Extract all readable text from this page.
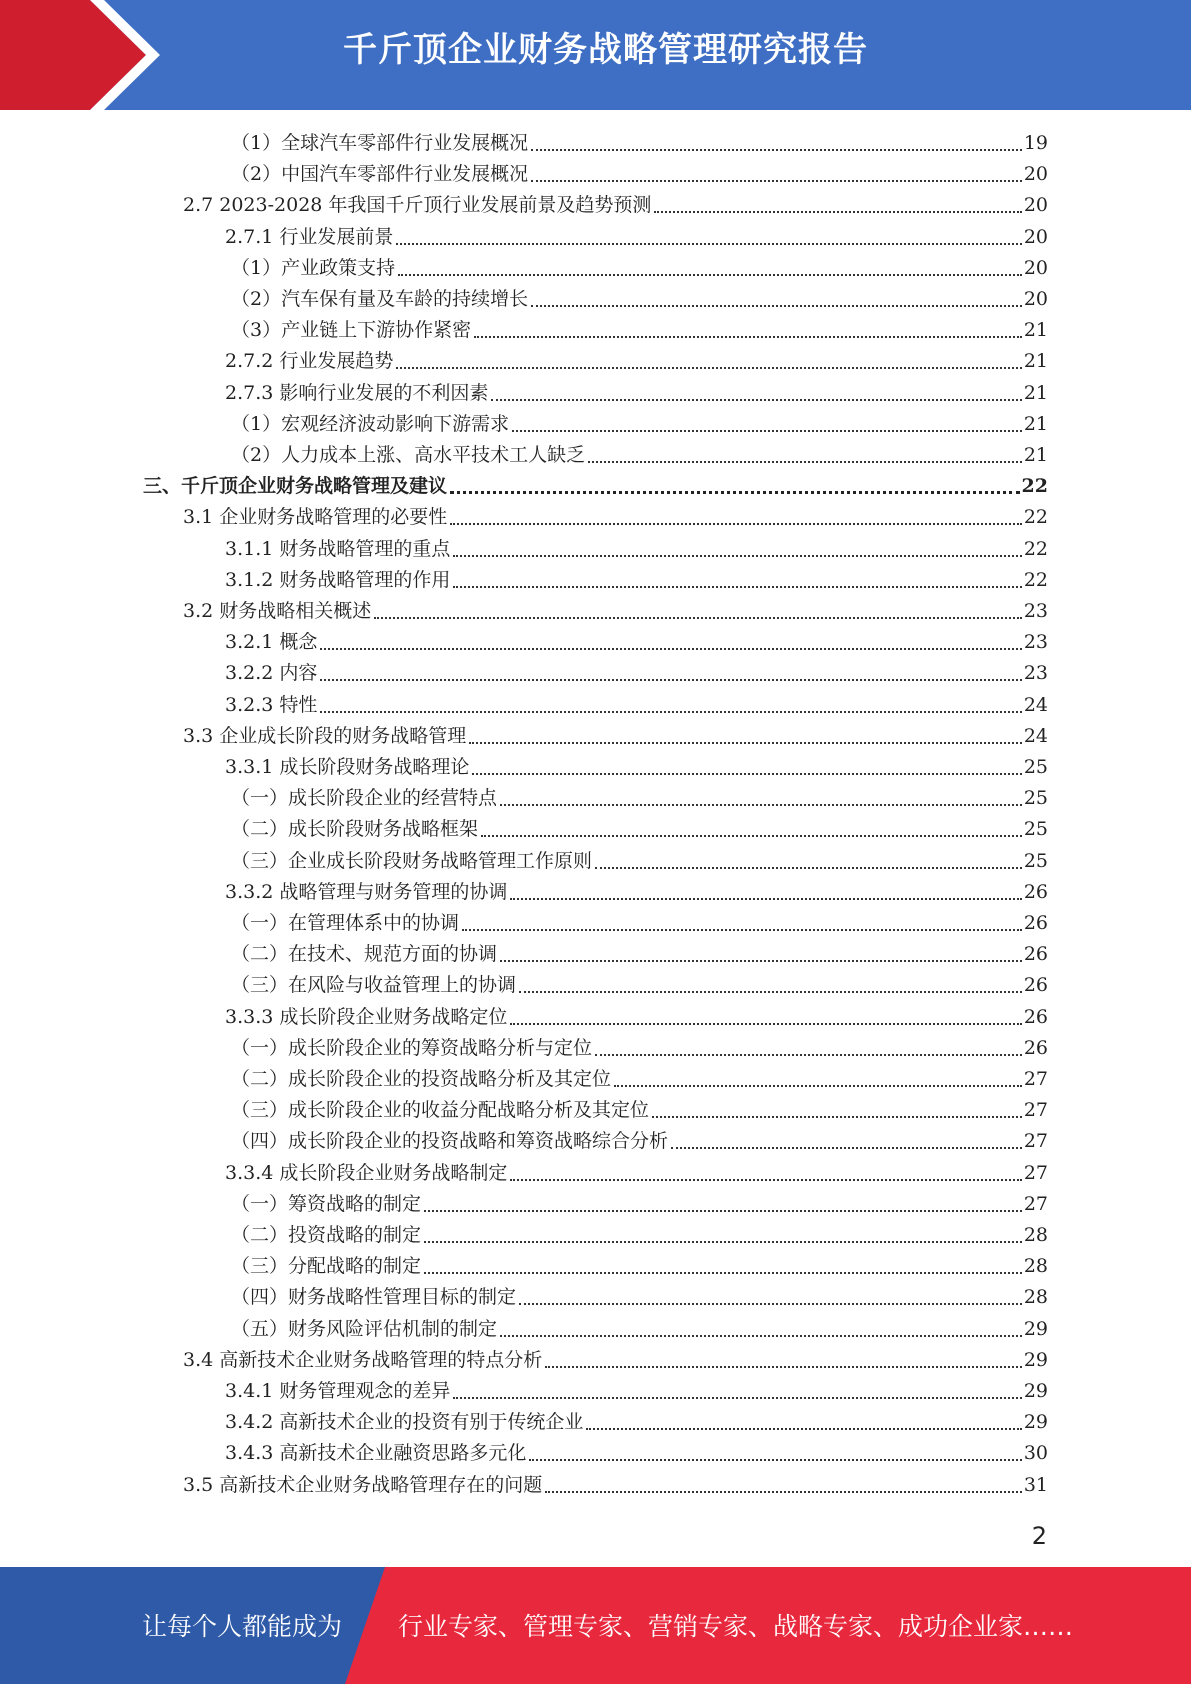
千斤顶企业财务战略管理研究报告
（1）全球汽车零部件行业发展概况	19
（2）中国汽车零部件行业发展概况	20
2.7 2023-2028 年我国千斤顶行业发展前景及趋势预测	20
2.7.1 行业发展前景	20
（1）产业政策支持	20
（2）汽车保有量及车龄的持续增长	20
（3）产业链上下游协作紧密	21
2.7.2 行业发展趋势	21
2.7.3 影响行业发展的不利因素	21
（1）宏观经济波动影响下游需求	21
（2）人力成本上涨、高水平技术工人缺乏	21
三、千斤顶企业财务战略管理及建议	22
3.1 企业财务战略管理的必要性	22
3.1.1 财务战略管理的重点	22
3.1.2 财务战略管理的作用	22
3.2 财务战略相关概述	23
3.2.1 概念	23
3.2.2 内容	23
3.2.3 特性	24
3.3 企业成长阶段的财务战略管理	24
3.3.1 成长阶段财务战略理论	25
（一）成长阶段企业的经营特点	25
（二）成长阶段财务战略框架	25
（三）企业成长阶段财务战略管理工作原则	25
3.3.2 战略管理与财务管理的协调	26
（一）在管理体系中的协调	26
（二）在技术、规范方面的协调	26
（三）在风险与收益管理上的协调	26
3.3.3 成长阶段企业财务战略定位	26
（一）成长阶段企业的筹资战略分析与定位	26
（二）成长阶段企业的投资战略分析及其定位	27
（三）成长阶段企业的收益分配战略分析及其定位	27
（四）成长阶段企业的投资战略和筹资战略综合分析	27
3.3.4 成长阶段企业财务战略制定	27
（一）筹资战略的制定	27
（二）投资战略的制定	28
（三）分配战略的制定	28
（四）财务战略性管理目标的制定	28
（五）财务风险评估机制的制定	29
3.4 高新技术企业财务战略管理的特点分析	29
3.4.1 财务管理观念的差异	29
3.4.2 高新技术企业的投资有别于传统企业	29
3.4.3 高新技术企业融资思路多元化	30
3.5 高新技术企业财务战略管理存在的问题	31
2
让每个人都能成为 行业专家、管理专家、营销专家、战略专家、成功企业家……
